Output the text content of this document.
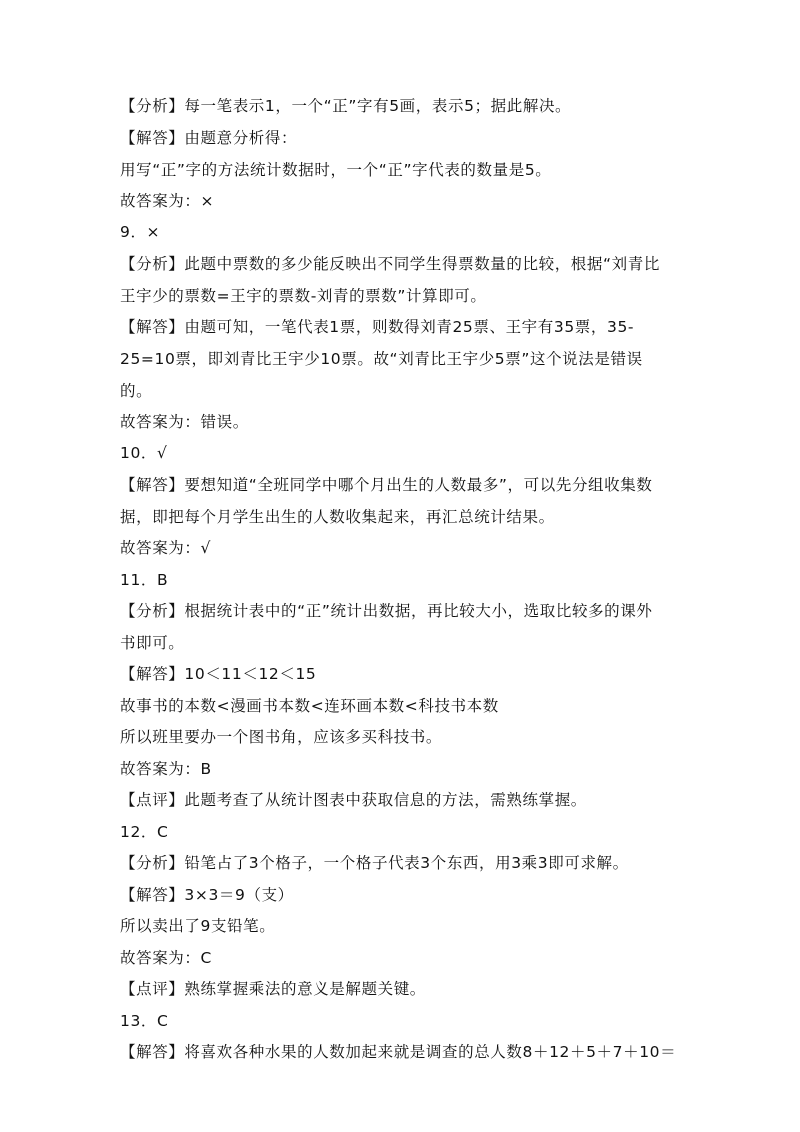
【分析】每一笔表示1，一个“正”字有5画，表示5；据此解决。
【解答】由题意分析得：
用写“正”字的方法统计数据时，一个“正”字代表的数量是5。
故答案为：×
9．×
【分析】此题中票数的多少能反映出不同学生得票数量的比较，根据“刘青比
王宇少的票数=王宇的票数-刘青的票数”计算即可。
【解答】由题可知，一笔代表1票，则数得刘青25票、王宇有35票，35-
25=10票，即刘青比王宇少10票。故“刘青比王宇少5票”这个说法是错误
的。
故答案为：错误。
10．√
【解答】要想知道“全班同学中哪个月出生的人数最多”，可以先分组收集数
据，即把每个月学生出生的人数收集起来，再汇总统计结果。
故答案为：√
11．B
【分析】根据统计表中的“正”统计出数据，再比较大小，选取比较多的课外
书即可。
【解答】10＜11＜12＜15
故事书的本数<漫画书本数<连环画本数<科技书本数
所以班里要办一个图书角，应该多买科技书。
故答案为：B
【点评】此题考查了从统计图表中获取信息的方法，需熟练掌握。
12．C
【分析】铅笔占了3个格子，一个格子代表3个东西，用3乘3即可求解。
【解答】3×3＝9（支）
所以卖出了9支铅笔。
故答案为：C
【点评】熟练掌握乘法的意义是解题关键。
13．C
【解答】将喜欢各种水果的人数加起来就是调查的总人数8＋12＋5＋7＋10＝
